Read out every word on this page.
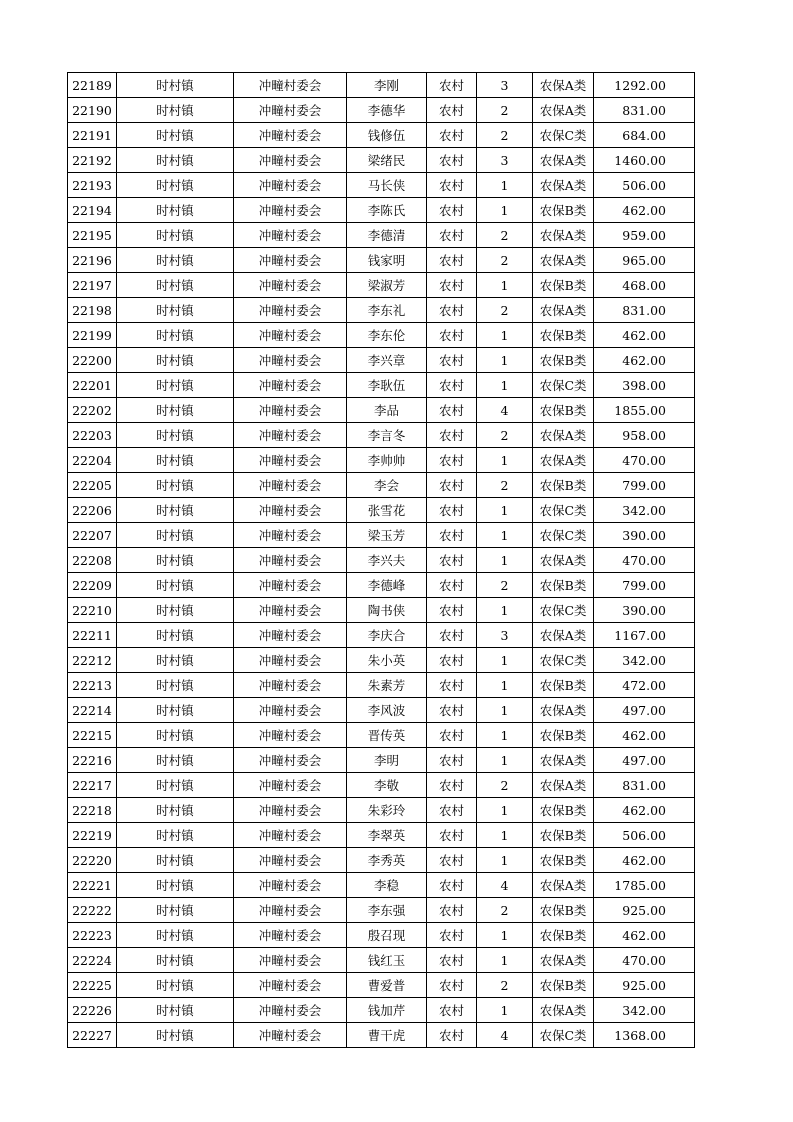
22189	时村镇	冲疃村委会	李刚	农村	3	农保A类	1292.00
22190	时村镇	冲疃村委会	李德华	农村	2	农保A类	831.00
22191	时村镇	冲疃村委会	钱修伍	农村	2	农保C类	684.00
22192	时村镇	冲疃村委会	梁绪民	农村	3	农保A类	1460.00
22193	时村镇	冲疃村委会	马长侠	农村	1	农保A类	506.00
22194	时村镇	冲疃村委会	李陈氏	农村	1	农保B类	462.00
22195	时村镇	冲疃村委会	李德清	农村	2	农保A类	959.00
22196	时村镇	冲疃村委会	钱家明	农村	2	农保A类	965.00
22197	时村镇	冲疃村委会	梁淑芳	农村	1	农保B类	468.00
22198	时村镇	冲疃村委会	李东礼	农村	2	农保A类	831.00
22199	时村镇	冲疃村委会	李东伦	农村	1	农保B类	462.00
22200	时村镇	冲疃村委会	李兴章	农村	1	农保B类	462.00
22201	时村镇	冲疃村委会	李耿伍	农村	1	农保C类	398.00
22202	时村镇	冲疃村委会	李品	农村	4	农保B类	1855.00
22203	时村镇	冲疃村委会	李言冬	农村	2	农保A类	958.00
22204	时村镇	冲疃村委会	李帅帅	农村	1	农保A类	470.00
22205	时村镇	冲疃村委会	李会	农村	2	农保B类	799.00
22206	时村镇	冲疃村委会	张雪花	农村	1	农保C类	342.00
22207	时村镇	冲疃村委会	梁玉芳	农村	1	农保C类	390.00
22208	时村镇	冲疃村委会	李兴夫	农村	1	农保A类	470.00
22209	时村镇	冲疃村委会	李德峰	农村	2	农保B类	799.00
22210	时村镇	冲疃村委会	陶书侠	农村	1	农保C类	390.00
22211	时村镇	冲疃村委会	李庆合	农村	3	农保A类	1167.00
22212	时村镇	冲疃村委会	朱小英	农村	1	农保C类	342.00
22213	时村镇	冲疃村委会	朱素芳	农村	1	农保B类	472.00
22214	时村镇	冲疃村委会	李风波	农村	1	农保A类	497.00
22215	时村镇	冲疃村委会	晋传英	农村	1	农保B类	462.00
22216	时村镇	冲疃村委会	李明	农村	1	农保A类	497.00
22217	时村镇	冲疃村委会	李敬	农村	2	农保A类	831.00
22218	时村镇	冲疃村委会	朱彩玲	农村	1	农保B类	462.00
22219	时村镇	冲疃村委会	李翠英	农村	1	农保B类	506.00
22220	时村镇	冲疃村委会	李秀英	农村	1	农保B类	462.00
22221	时村镇	冲疃村委会	李稳	农村	4	农保A类	1785.00
22222	时村镇	冲疃村委会	李东强	农村	2	农保B类	925.00
22223	时村镇	冲疃村委会	殷召现	农村	1	农保B类	462.00
22224	时村镇	冲疃村委会	钱红玉	农村	1	农保A类	470.00
22225	时村镇	冲疃村委会	曹爱普	农村	2	农保B类	925.00
22226	时村镇	冲疃村委会	钱加芹	农村	1	农保A类	342.00
22227	时村镇	冲疃村委会	曹干虎	农村	4	农保C类	1368.00
